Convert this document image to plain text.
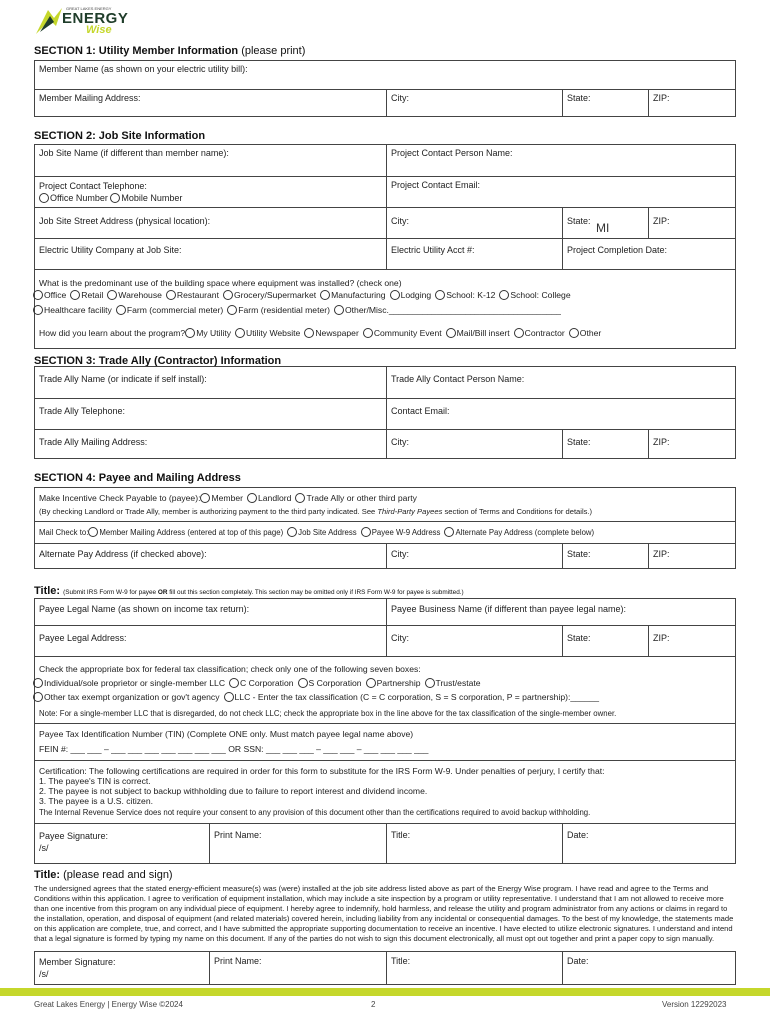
GREAT LAKES ENERGY
ENERGY
Wise
SECTION 1: Utility Member Information (please print)
Member Name (as shown on your electric utility bill):
Member Mailing Address:	City:	State:	ZIP:
SECTION 2: Job Site Information
Job Site Name (if different than member name):	Project Contact Person Name:
Project Contact Telephone:
Office Number Mobile Number
Project Contact Email:
Job Site Street Address (physical location):	City:	State: MI	ZIP:
Electric Utility Company at Job Site:	Electric Utility Acct #:	Project Completion Date:
What is the predominant use of the building space where equipment was installed? (check one)
Office Retail Warehouse Restaurant Grocery/Supermarket Manufacturing Lodging School: K-12 School: College
Healthcare facility Farm (commercial meter) Farm (residential meter) Other/Misc.____________________________________
How did you learn about the program? My Utility Utility Website Newspaper Community Event Mail/Bill insert Contractor Other
SECTION 3: Trade Ally (Contractor) Information
Trade Ally Name (or indicate if self install):	Trade Ally Contact Person Name:
Trade Ally Telephone:	Contact Email:
Trade Ally Mailing Address:	City:	State:	ZIP:
SECTION 4: Payee and Mailing Address
Make Incentive Check Payable to (payee): Member Landlord Trade Ally or other third party
(By checking Landlord or Trade Ally, member is authorizing payment to the third party indicated. See Third-Party Payees section of Terms and Conditions for details.)
Mail Check to: Member Mailing Address (entered at top of this page) Job Site Address Payee W-9 Address Alternate Pay Address (complete below)
Alternate Pay Address (if checked above):	City:	State:	ZIP:
Title: (Submit IRS Form W-9 for payee OR fill out this section completely. This section may be omitted only if IRS Form W-9 for payee is submitted.)
Payee Legal Name (as shown on income tax return):	Payee Business Name (if different than payee legal name):
Payee Legal Address:	City:	State:	ZIP:
Check the appropriate box for federal tax classification; check only one of the following seven boxes:
Individual/sole proprietor or single-member LLC C Corporation S Corporation Partnership Trust/estate
Other tax exempt organization or gov't agency LLC - Enter the tax classification (C = C corporation, S = S corporation, P = partnership):______
Note: For a single-member LLC that is disregarded, do not check LLC; check the appropriate box in the line above for the tax classification of the single-member owner.
Payee Tax Identification Number (TIN) (Complete ONE only. Must match payee legal name above)
FEIN #: ___ ___ – ___ ___ ___ ___ ___ ___ ___ OR SSN: ___ ___ ___ – ___ ___ – ___ ___ ___ ___
Certification: The following certifications are required in order for this form to substitute for the IRS Form W-9. Under penalties of perjury, I certify that:
1. The payee's TIN is correct.
2. The payee is not subject to backup withholding due to failure to report interest and dividend income.
3. The payee is a U.S. citizen.
The Internal Revenue Service does not require your consent to any provision of this document other than the certifications required to avoid backup withholding.
Payee Signature:
/s/
Print Name:	Title:	Date:
Title: (please read and sign)
The undersigned agrees that the stated energy-efficient measure(s) was (were) installed at the job site address listed above as part of the Energy Wise program. I have read and agree to the Terms and Conditions within this application. I agree to verification of equipment installation, which may include a site inspection by a program or utility representative. I understand that I am not allowed to receive more than one incentive from this program on any individual piece of equipment. I hereby agree to indemnify, hold harmless, and release the utility and program administrator from any actions or claims in regard to the installation, operation, and disposal of equipment (and related materials) covered herein, including liability from any incidental or consequential damages. To the best of my knowledge, the statements made on this application are complete, true, and correct, and I have submitted the appropriate supporting documentation to receive an incentive. I have elected to utilize electronic signatures. I understand and intend that a legal signature is formed by typing my name on this document. If any of the parties do not wish to sign this document electronically, all must opt out together and print a paper copy to sign manually.
Member Signature:
/s/
Print Name:	Title:	Date:
Great Lakes Energy | Energy Wise ©2024	2	Version 12292023
